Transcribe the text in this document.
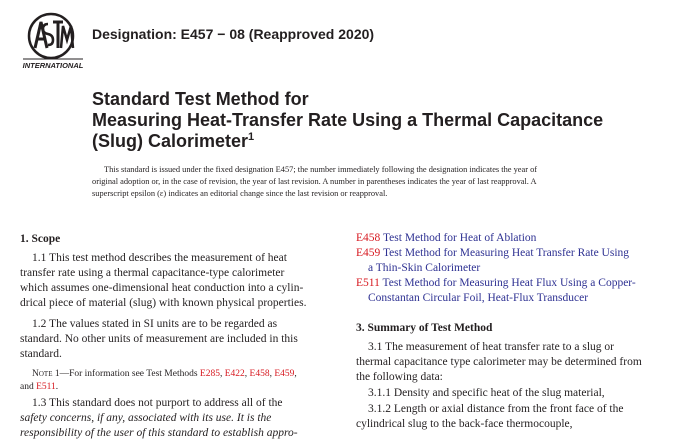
INTERNATIONAL
Designation: E457 − 08 (Reapproved 2020)
Standard Test Method for
Measuring Heat-Transfer Rate Using a Thermal Capacitance
(Slug) Calorimeter$^1$
This standard is issued under the fixed designation E457; the number immediately following the designation indicates the year of
original adoption or, in the case of revision, the year of last revision. A number in parentheses indicates the year of last reapproval. A
superscript epsilon (ε) indicates an editorial change since the last revision or reapproval.

1. Scope

1.1 This test method describes the measurement of heat
transfer rate using a thermal capacitance-type calorimeter
which assumes one-dimensional heat conduction into a cylin-
drical piece of material (slug) with known physical properties.

1.2 The values stated in SI units are to be regarded as
standard. No other units of measurement are included in this
standard.

Note 1—For information see Test Methods E285, E422, E458, E459,
and E511.

1.3 This standard does not purport to address all of the
safety concerns, if any, associated with its use. It is the
responsibility of the user of this standard to establish appro-

E458 Test Method for Heat of Ablation

E459 Test Method for Measuring Heat Transfer Rate Using
a Thin-Skin Calorimeter

E511 Test Method for Measuring Heat Flux Using a Copper-
Constantan Circular Foil, Heat-Flux Transducer

3. Summary of Test Method

3.1 The measurement of heat transfer rate to a slug or
thermal capacitance type calorimeter may be determined from
the following data:

3.1.1 Density and specific heat of the slug material,

3.1.2 Length or axial distance from the front face of the
cylindrical slug to the back-face thermocouple,
